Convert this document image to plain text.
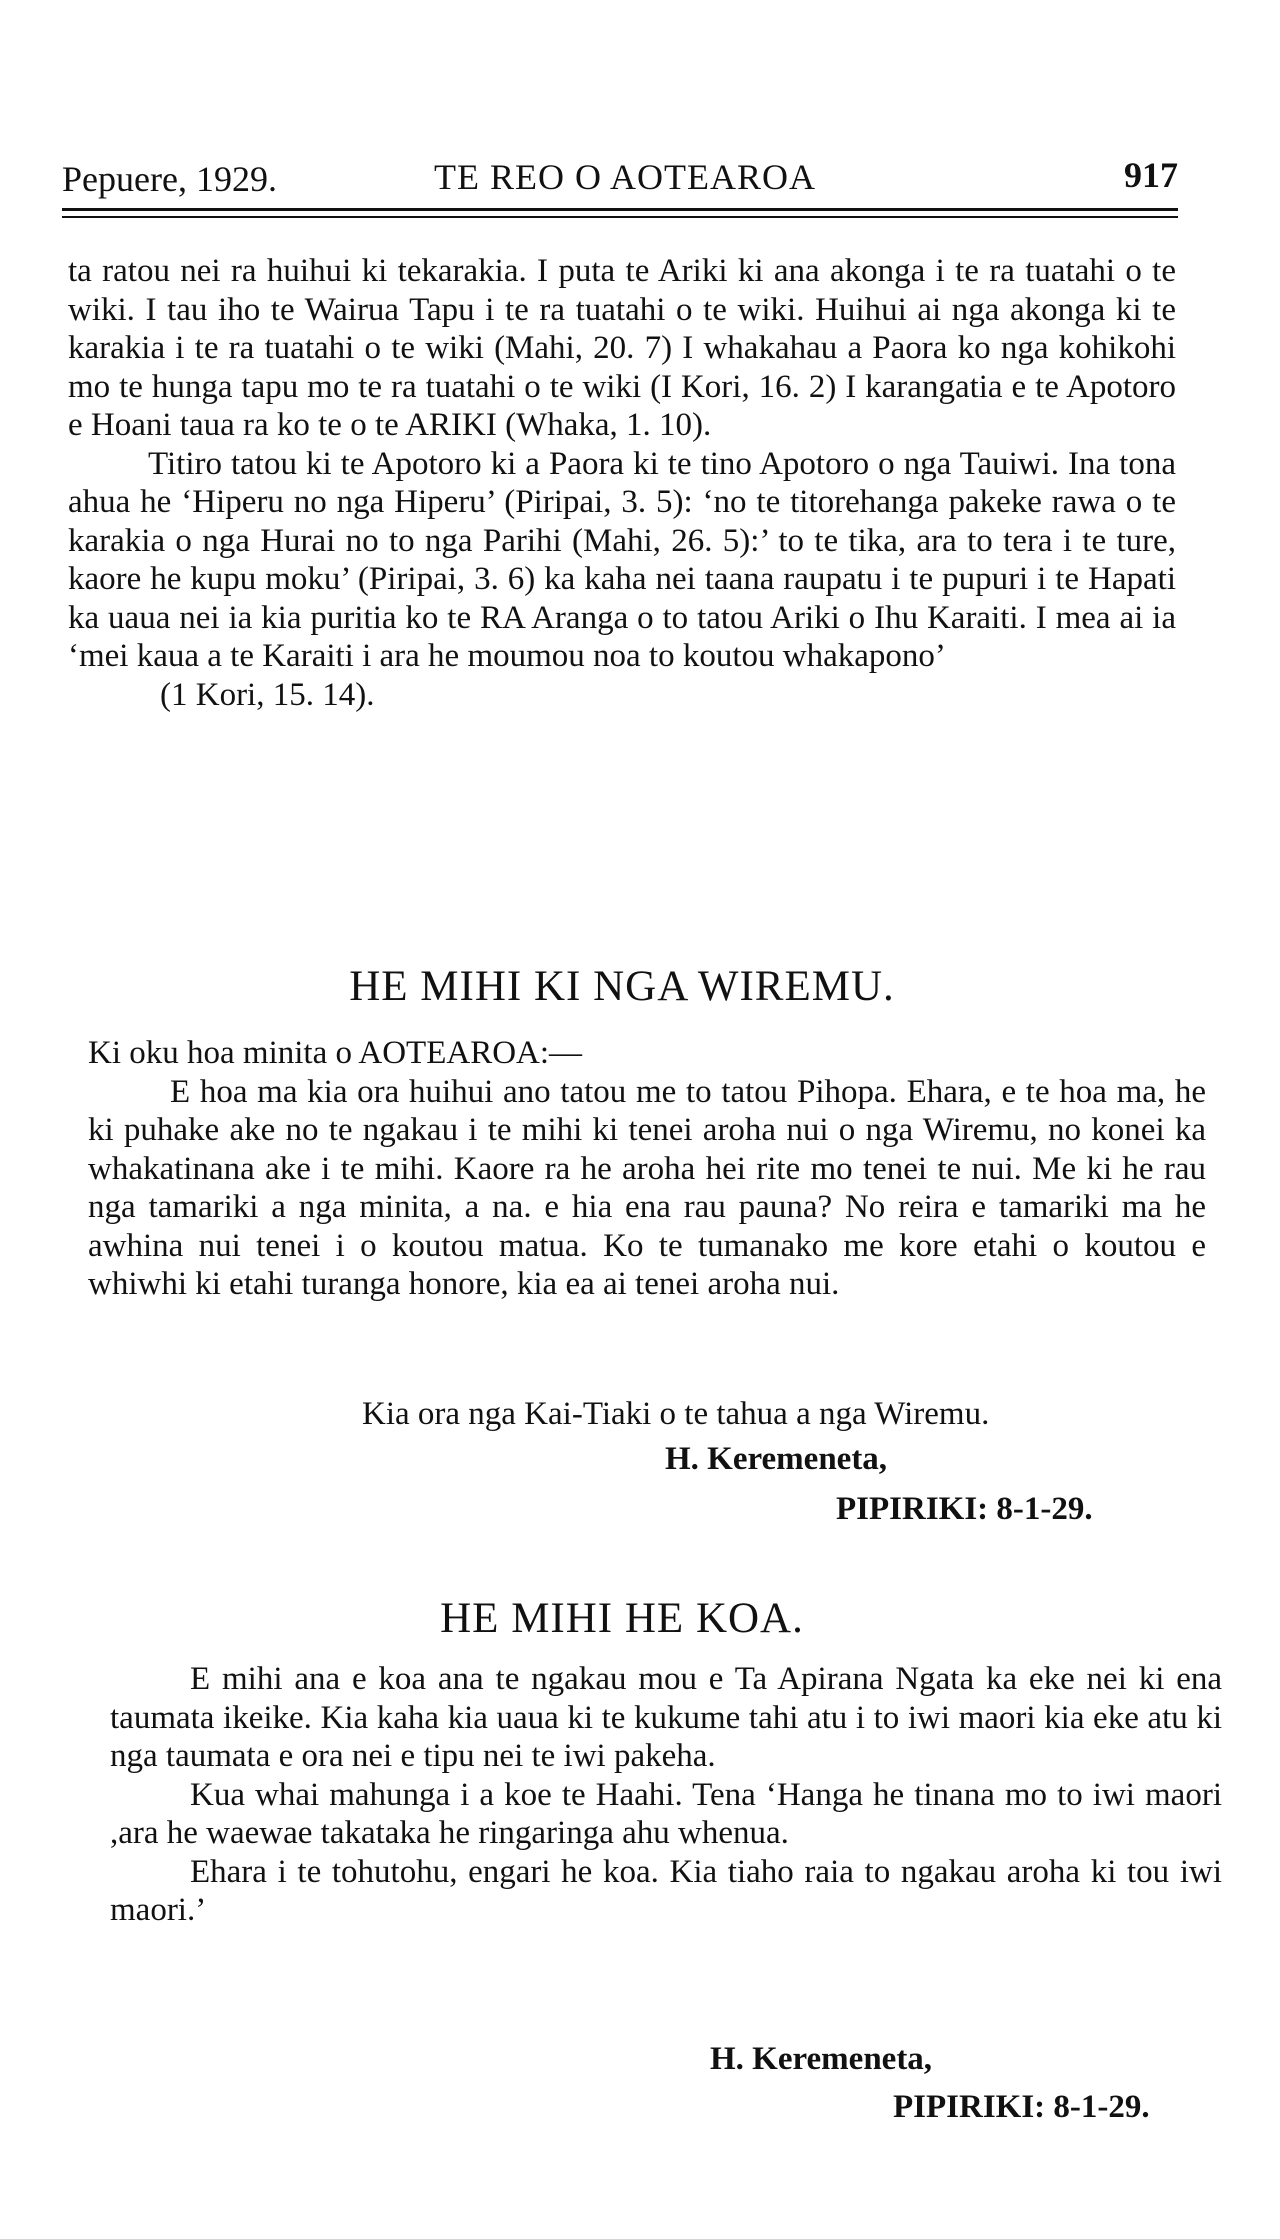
Pepuere, 1929.	TE REO O AOTEAROA	917

ta ratou nei ra huihui ki tekarakia. I puta te Ariki ki ana akonga i te ra tuatahi o te wiki. I tau iho te Wairua Tapu i te ra tuatahi o te wiki. Huihui ai nga akonga ki te karakia i te ra tuatahi o te wiki (Mahi, 20. 7) I whakahau a Paora ko nga kohikohi mo te hunga tapu mo te ra tuatahi o te wiki (I Kori, 16. 2) I karangatia e te Apotoro e Hoani taua ra ko te o te ARIKI (Whaka, 1. 10).

Titiro tatou ki te Apotoro ki a Paora ki te tino Apotoro o nga Tauiwi. Ina tona ahua he ‘Hiperu no nga Hiperu’ (Piripai, 3. 5): ‘no te titorehanga pakeke rawa o te karakia o nga Hurai no to nga Parihi (Mahi, 26. 5):’ to te tika, ara to tera i te ture, kaore he kupu moku’ (Piripai, 3. 6) ka kaha nei taana raupatu i te pupuri i te Hapati ka uaua nei ia kia puritia ko te RA Aranga o to tatou Ariki o Ihu Karaiti. I mea ai ia ‘mei kaua a te Karaiti i ara he moumou noa to koutou whakapono’

(1 Kori, 15. 14).

HE MIHI KI NGA WIREMU.

Ki oku hoa minita o AOTEAROA:—

E hoa ma kia ora huihui ano tatou me to tatou Pihopa. Ehara, e te hoa ma, he ki puhake ake no te ngakau i te mihi ki tenei aroha nui o nga Wiremu, no konei ka whakatinana ake i te mihi. Kaore ra he aroha hei rite mo tenei te nui. Me ki he rau nga tamariki a nga minita, a na. e hia ena rau pauna? No reira e tamariki ma he awhina nui tenei i o koutou matua. Ko te tumanako me kore etahi o koutou e whiwhi ki etahi turanga honore, kia ea ai tenei aroha nui.

Kia ora nga Kai-Tiaki o te tahua a nga Wiremu.
H. Keremeneta,
PIPIRIKI: 8-1-29.
HE MIHI HE KOA.

E mihi ana e koa ana te ngakau mou e Ta Apirana Ngata ka eke nei ki ena taumata ikeike. Kia kaha kia uaua ki te kukume tahi atu i to iwi maori kia eke atu ki nga taumata e ora nei e tipu nei te iwi pakeha.

Kua whai mahunga i a koe te Haahi. Tena ‘Hanga he tinana mo to iwi maori ,ara he waewae takataka he ringaringa ahu whenua.

Ehara i te tohutohu, engari he koa. Kia tiaho raia to ngakau aroha ki tou iwi maori.’

H. Keremeneta,
PIPIRIKI: 8-1-29.
